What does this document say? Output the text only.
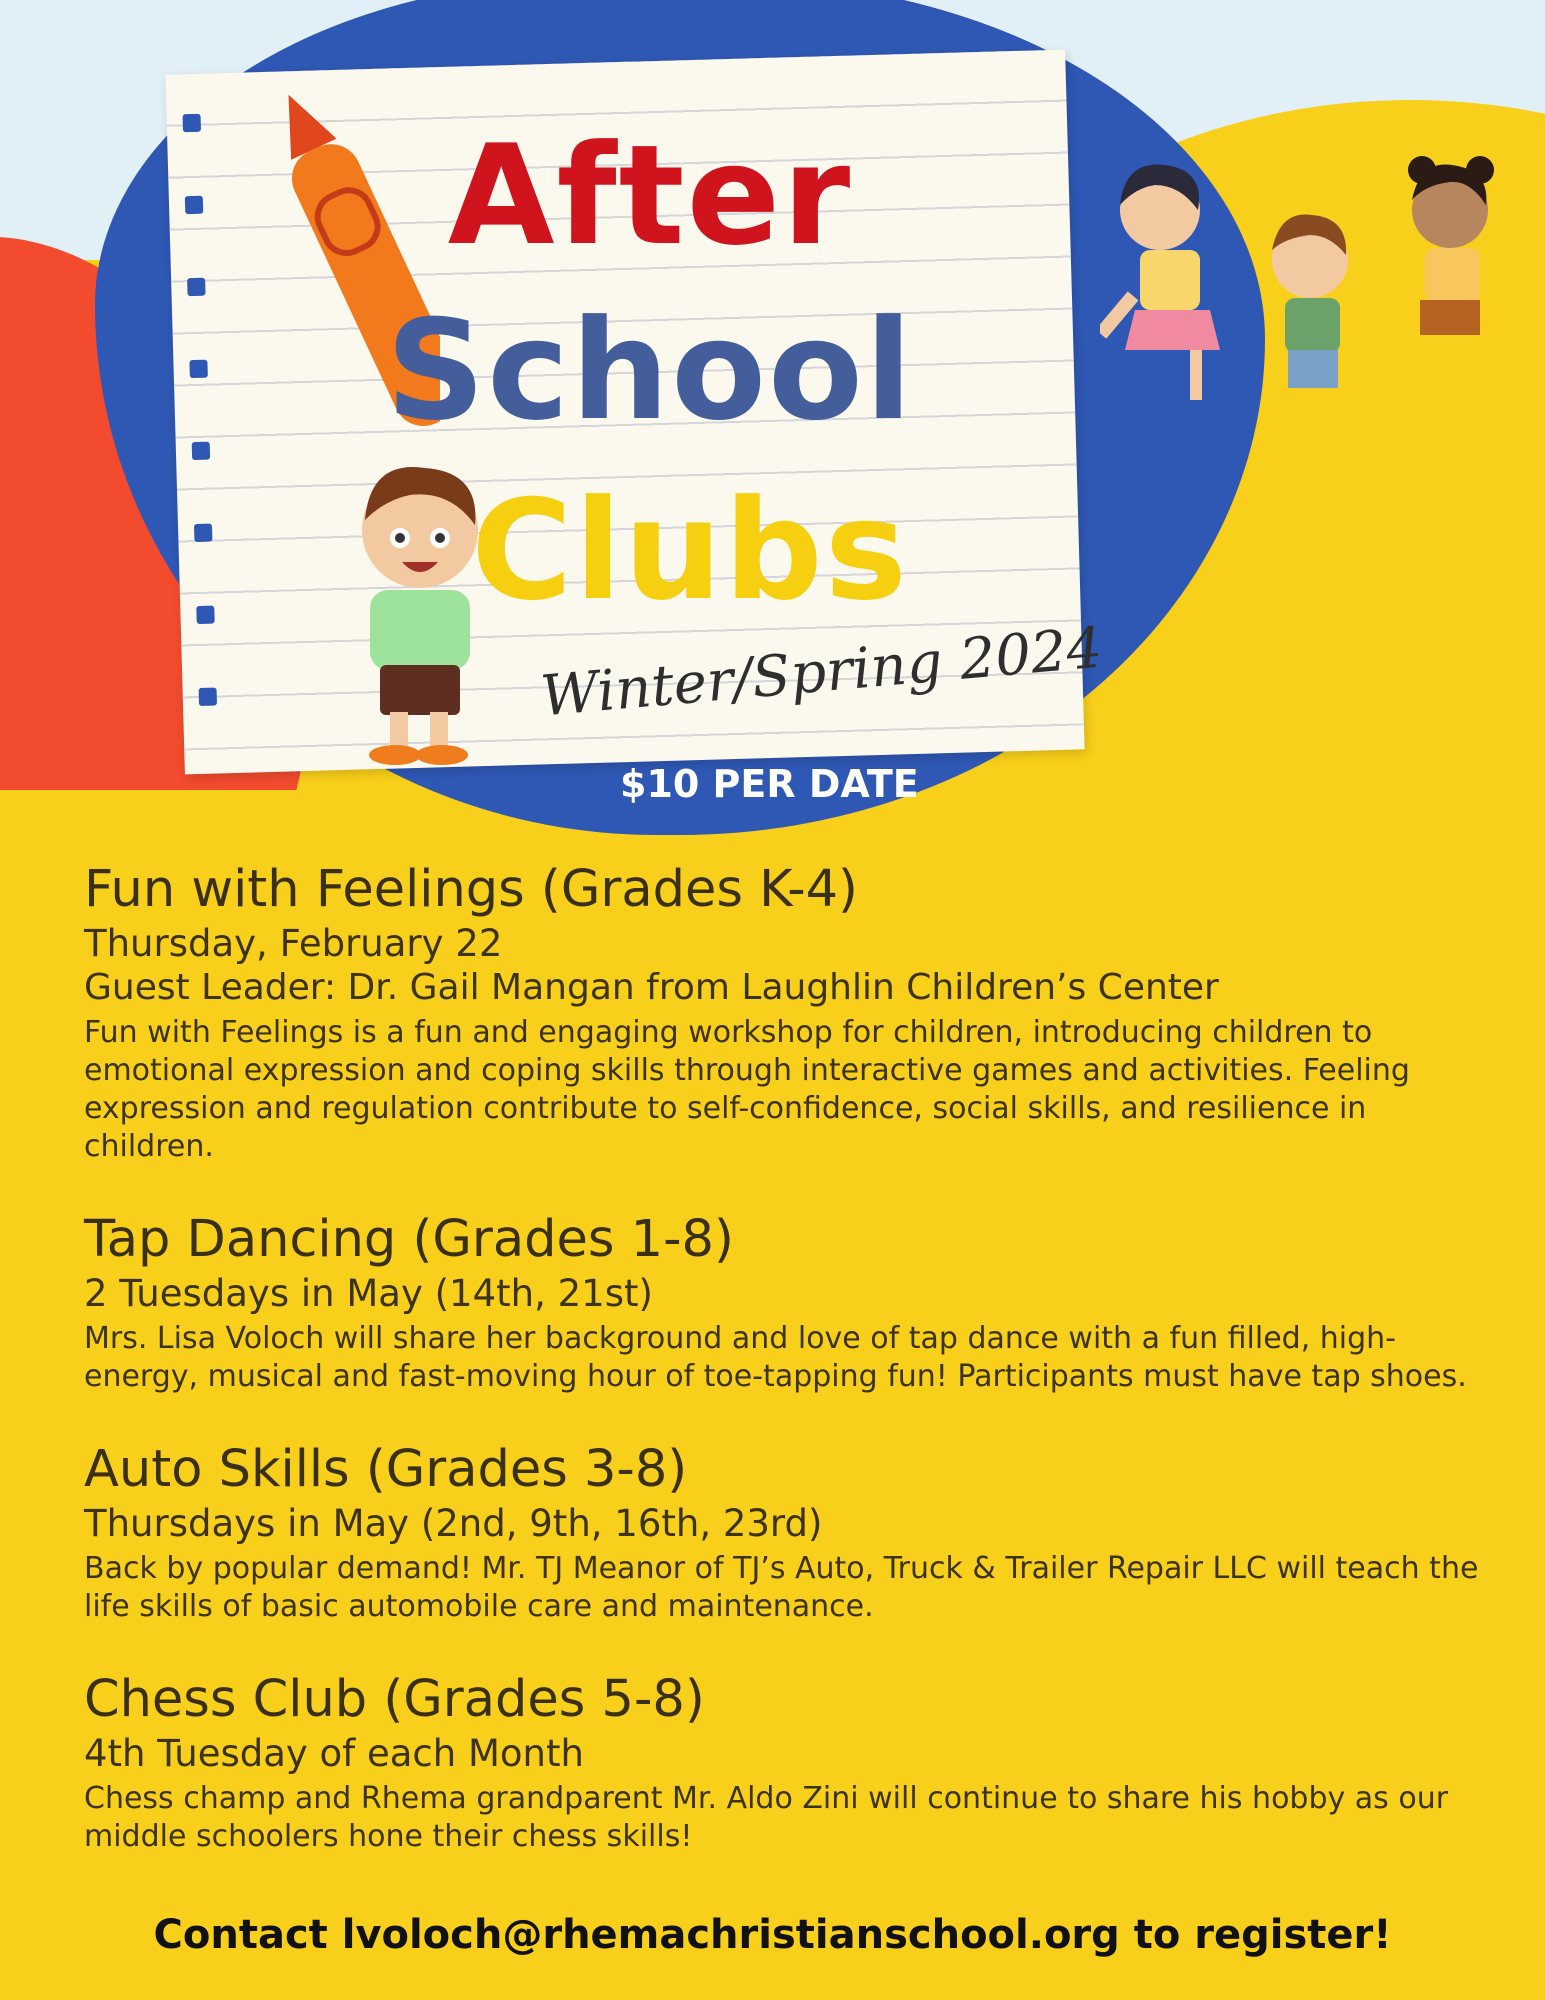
After
School
Clubs
Winter/Spring 2024
$10 PER DATE

Fun with Feelings (Grades K-4)

Thursday, February 22

Guest Leader: Dr. Gail Mangan from Laughlin Children’s Center

Fun with Feelings is a fun and engaging workshop for children, introducing children to emotional expression and coping skills through interactive games and activities. Feeling expression and regulation contribute to self-confidence, social skills, and resilience in children.

Tap Dancing (Grades 1-8)

2 Tuesdays in May (14th, 21st)

Mrs. Lisa Voloch will share her background and love of tap dance with a fun filled, high-energy, musical and fast-moving hour of toe-tapping fun! Participants must have tap shoes.

Auto Skills (Grades 3-8)

Thursdays in May (2nd, 9th, 16th, 23rd)

Back by popular demand! Mr. TJ Meanor of TJ’s Auto, Truck & Trailer Repair LLC will teach the life skills of basic automobile care and maintenance.

Chess Club (Grades 5-8)

4th Tuesday of each Month

Chess champ and Rhema grandparent Mr. Aldo Zini will continue to share his hobby as our middle schoolers hone their chess skills!

Contact lvoloch@rhemachristianschool.org to register!
